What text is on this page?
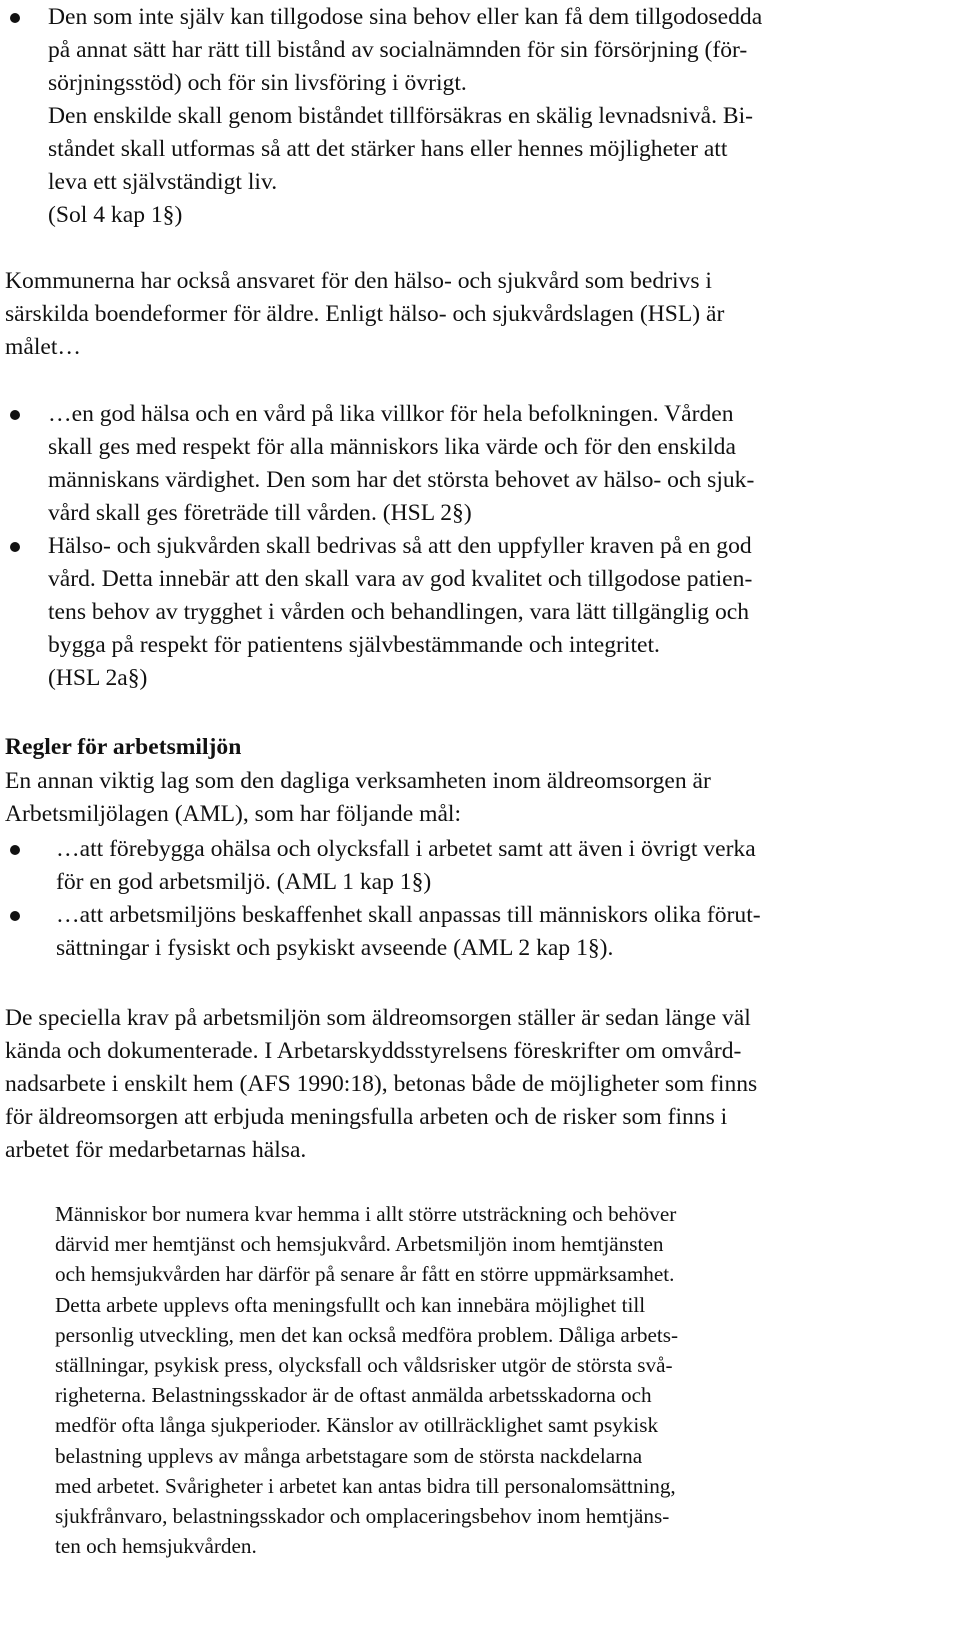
Den som inte själv kan tillgodose sina behov eller kan få dem tillgodosedda
på annat sätt har rätt till bistånd av socialnämnden för sin försörjning (för-
sörjningsstöd) och för sin livsföring i övrigt.
Den enskilde skall genom biståndet tillförsäkras en skälig levnadsnivå. Bi-
ståndet skall utformas så att det stärker hans eller hennes möjligheter att
leva ett självständigt liv.
(Sol 4 kap 1§)
Kommunerna har också ansvaret för den hälso- och sjukvård som bedrivs i
särskilda boendeformer för äldre. Enligt hälso- och sjukvårdslagen (HSL) är
målet…
…en god hälsa och en vård på lika villkor för hela befolkningen. Vården
skall ges med respekt för alla människors lika värde och för den enskilda
människans värdighet. Den som har det största behovet av hälso- och sjuk-
vård skall ges företräde till vården. (HSL 2§)
Hälso- och sjukvården skall bedrivas så att den uppfyller kraven på en god
vård. Detta innebär att den skall vara av god kvalitet och tillgodose patien-
tens behov av trygghet i vården och behandlingen, vara lätt tillgänglig och
bygga på respekt för patientens självbestämmande och integritet.
(HSL 2a§)
Regler för arbetsmiljön
En annan viktig lag som den dagliga verksamheten inom äldreomsorgen är
Arbetsmiljölagen (AML), som har följande mål:
…att förebygga ohälsa och olycksfall i arbetet samt att även i övrigt verka
för en god arbetsmiljö. (AML 1 kap 1§)
…att arbetsmiljöns beskaffenhet skall anpassas till människors olika förut-
sättningar i fysiskt och psykiskt avseende (AML 2 kap 1§).
De speciella krav på arbetsmiljön som äldreomsorgen ställer är sedan länge väl
kända och dokumenterade. I Arbetarskyddsstyrelsens föreskrifter om omvård-
nadsarbete i enskilt hem (AFS 1990:18), betonas både de möjligheter som finns
för äldreomsorgen att erbjuda meningsfulla arbeten och de risker som finns i
arbetet för medarbetarnas hälsa.
Människor bor numera kvar hemma i allt större utsträckning och behöver
därvid mer hemtjänst och hemsjukvård. Arbetsmiljön inom hemtjänsten
och hemsjukvården har därför på senare år fått en större uppmärksamhet.
Detta arbete upplevs ofta meningsfullt och kan innebära möjlighet till
personlig utveckling, men det kan också medföra problem. Dåliga arbets-
ställningar, psykisk press, olycksfall och våldsrisker utgör de största svå-
righeterna. Belastningsskador är de oftast anmälda arbetsskadorna och
medför ofta långa sjukperioder. Känslor av otillräcklighet samt psykisk
belastning upplevs av många arbetstagare som de största nackdelarna
med arbetet. Svårigheter i arbetet kan antas bidra till personalomsättning,
sjukfrånvaro, belastningsskador och omplaceringsbehov inom hemtjäns-
ten och hemsjukvården.
